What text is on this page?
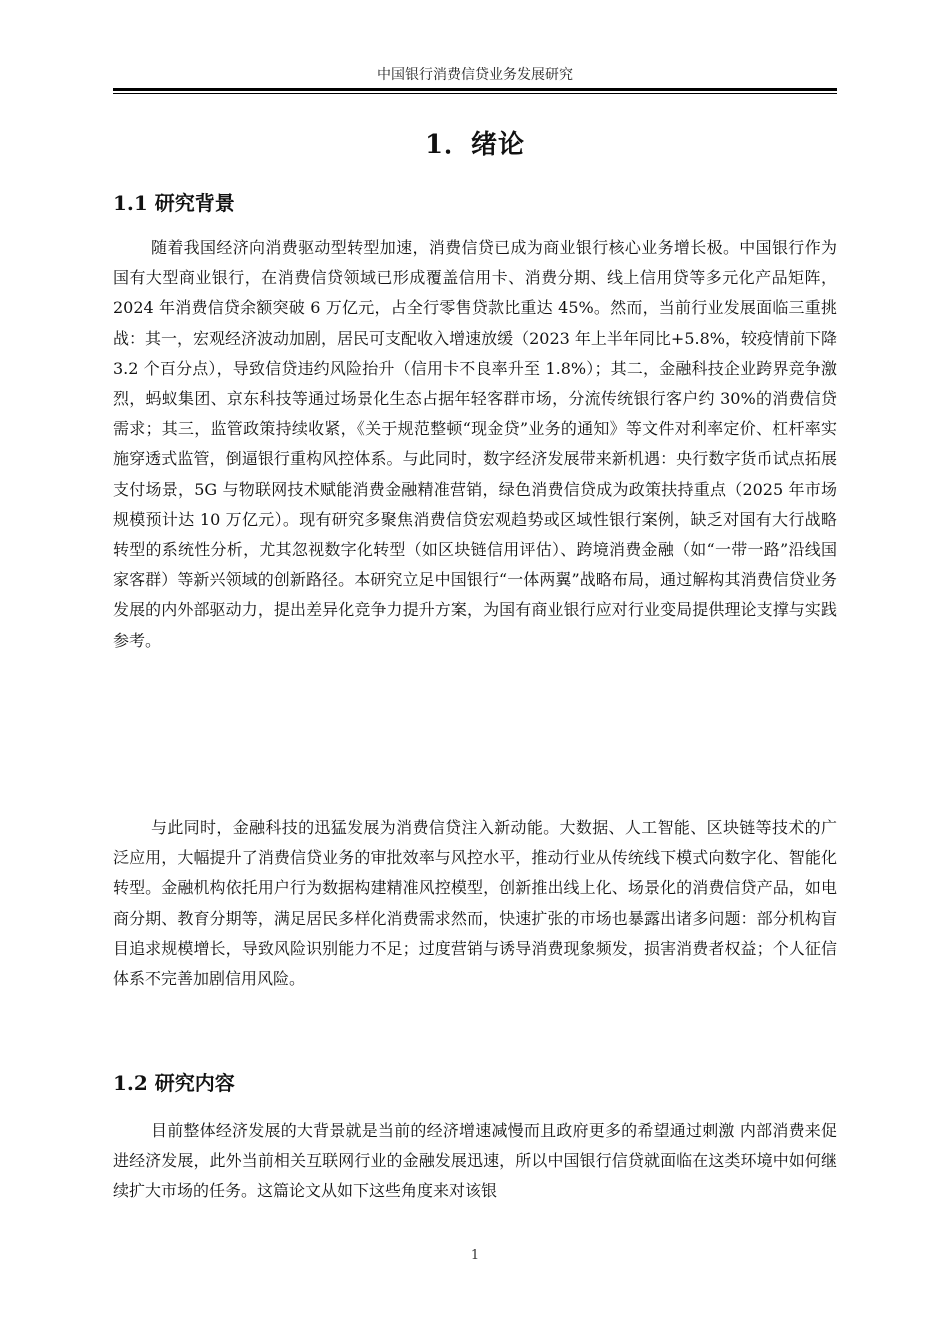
中国银行消费信贷业务发展研究
1．绪论
1.1 研究背景

随着我国经济向消费驱动型转型加速，消费信贷已成为商业银行核心业务增长极。中国银行作为国有大型商业银行，在消费信贷领域已形成覆盖信用卡、消费分期、线上信用贷等多元化产品矩阵，2024 年消费信贷余额突破 6 万亿元，占全行零售贷款比重达 45%。然而，当前行业发展面临三重挑战：其一，宏观经济波动加剧，居民可支配收入增速放缓（2023 年上半年同比+5.8%，较疫情前下降 3.2 个百分点），导致信贷违约风险抬升（信用卡不良率升至 1.8%）；其二，金融科技企业跨界竞争激烈，蚂蚁集团、京东科技等通过场景化生态占据年轻客群市场，分流传统银行客户约 30%的消费信贷需求；其三，监管政策持续收紧，《关于规范整顿“现金贷”业务的通知》等文件对利率定价、杠杆率实施穿透式监管，倒逼银行重构风控体系。与此同时，数字经济发展带来新机遇：央行数字货币试点拓展支付场景，5G 与物联网技术赋能消费金融精准营销，绿色消费信贷成为政策扶持重点（2025 年市场规模预计达 10 万亿元）。现有研究多聚焦消费信贷宏观趋势或区域性银行案例，缺乏对国有大行战略转型的系统性分析，尤其忽视数字化转型（如区块链信用评估）、跨境消费金融（如“一带一路”沿线国家客群）等新兴领域的创新路径。本研究立足中国银行“一体两翼”战略布局，通过解构其消费信贷业务发展的内外部驱动力，提出差异化竞争力提升方案，为国有商业银行应对行业变局提供理论支撑与实践参考。

与此同时，金融科技的迅猛发展为消费信贷注入新动能。大数据、人工智能、区块链等技术的广泛应用，大幅提升了消费信贷业务的审批效率与风控水平，推动行业从传统线下模式向数字化、智能化转型。金融机构依托用户行为数据构建精准风控模型，创新推出线上化、场景化的消费信贷产品，如电商分期、教育分期等，满足居民多样化消费需求然而，快速扩张的市场也暴露出诸多问题：部分机构盲目追求规模增长，导致风险识别能力不足；过度营销与诱导消费现象频发，损害消费者权益；个人征信体系不完善加剧信用风险。

1.2 研究内容

目前整体经济发展的大背景就是当前的经济增速减慢而且政府更多的希望通过刺激 内部消费来促进经济发展，此外当前相关互联网行业的金融发展迅速，所以中国银行信贷就面临在这类环境中如何继续扩大市场的任务。这篇论文从如下这些角度来对该银

1
